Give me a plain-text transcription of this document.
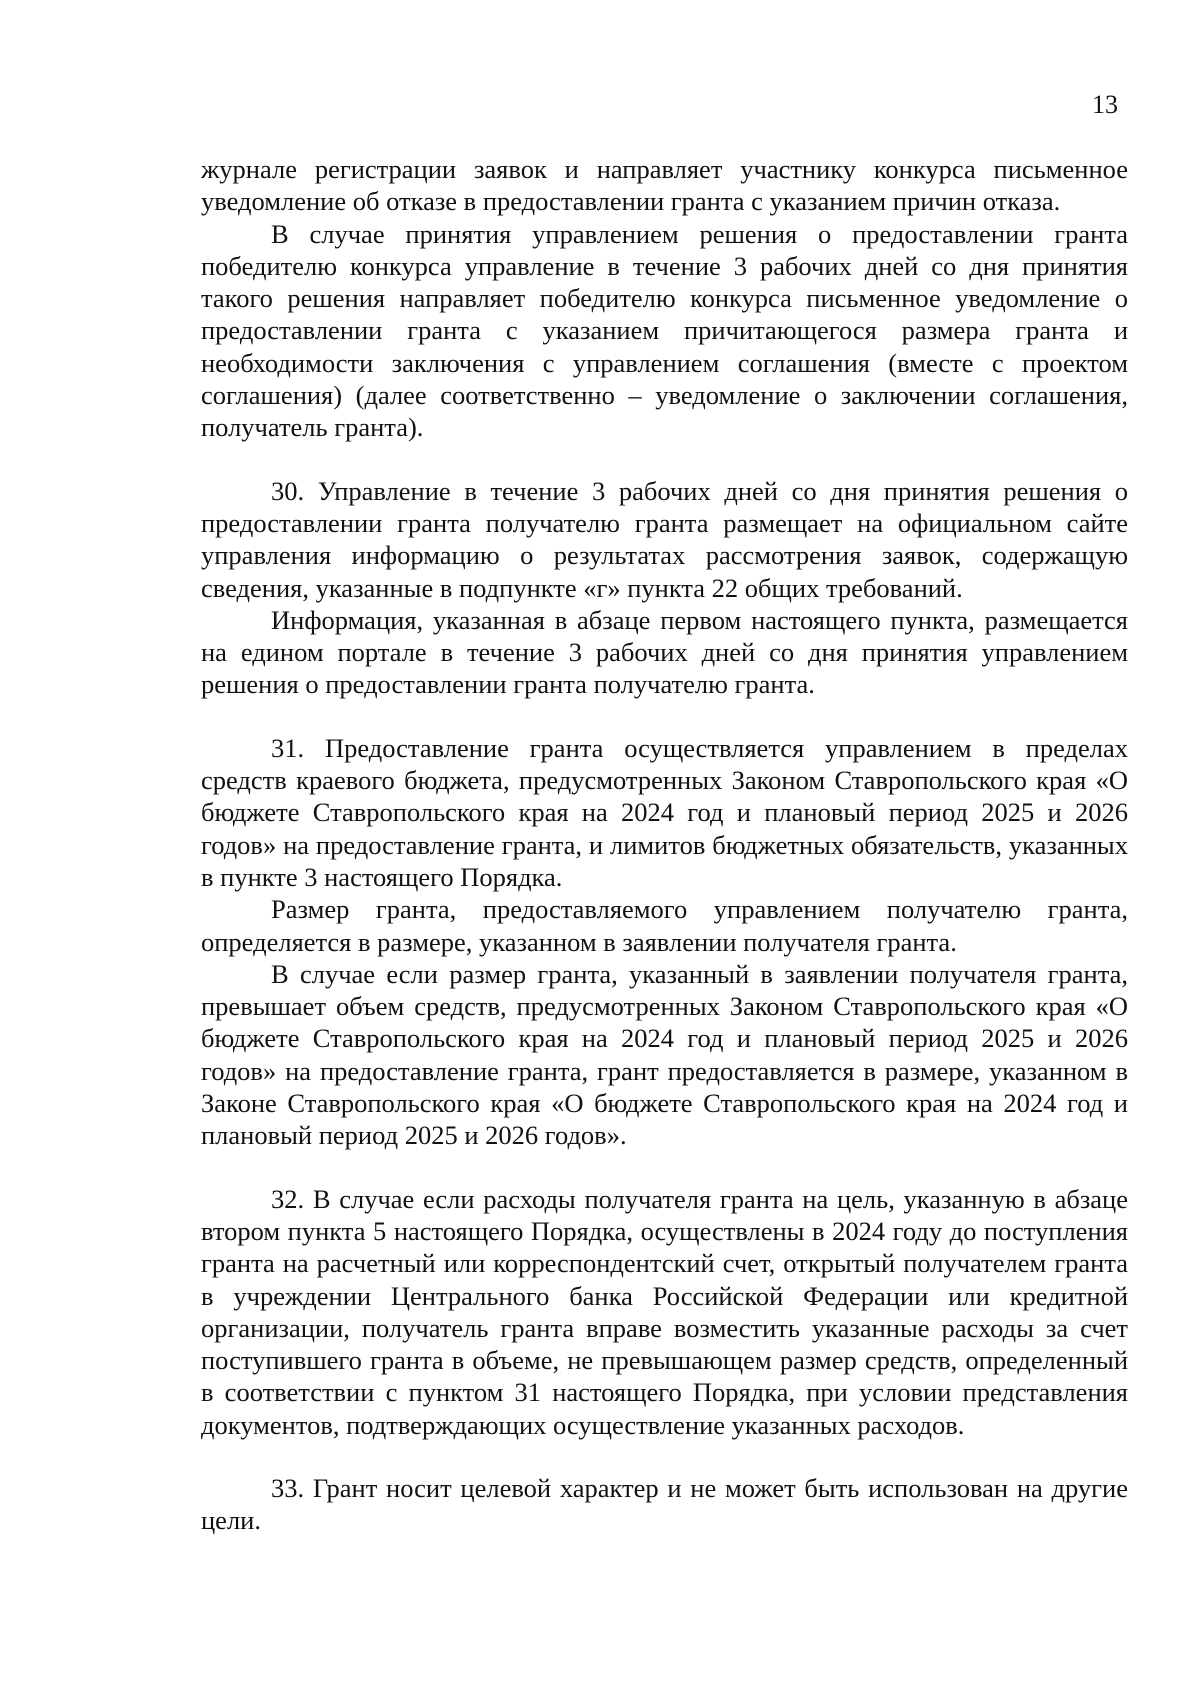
13

журнале регистрации заявок и направляет участнику конкурса письменное уведомление об отказе в предоставлении гранта с указанием причин отказа.

В случае принятия управлением решения о предоставлении гранта победителю конкурса управление в течение 3 рабочих дней со дня принятия такого решения направляет победителю конкурса письменное уведомление о предоставлении гранта с указанием причитающегося размера гранта и необходимости заключения с управлением соглашения (вместе с проектом соглашения) (далее соответственно – уведомление о заключении соглашения, получатель гранта).

30. Управление в течение 3 рабочих дней со дня принятия решения о предоставлении гранта получателю гранта размещает на официальном сайте управления информацию о результатах рассмотрения заявок, содержащую сведения, указанные в подпункте «г» пункта 22 общих требований.

Информация, указанная в абзаце первом настоящего пункта, размещается на едином портале в течение 3 рабочих дней со дня принятия управлением решения о предоставлении гранта получателю гранта.

31. Предоставление гранта осуществляется управлением в пределах средств краевого бюджета, предусмотренных Законом Ставропольского края «О бюджете Ставропольского края на 2024 год и плановый период 2025 и 2026 годов» на предоставление гранта, и лимитов бюджетных обязательств, указанных в пункте 3 настоящего Порядка.

Размер гранта, предоставляемого управлением получателю гранта, определяется в размере, указанном в заявлении получателя гранта.

В случае если размер гранта, указанный в заявлении получателя гранта, превышает объем средств, предусмотренных Законом Ставропольского края «О бюджете Ставропольского края на 2024 год и плановый период 2025 и 2026 годов» на предоставление гранта, грант предоставляется в размере, указанном в Законе Ставропольского края «О бюджете Ставропольского края на 2024 год и плановый период 2025 и 2026 годов».

32. В случае если расходы получателя гранта на цель, указанную в абзаце втором пункта 5 настоящего Порядка, осуществлены в 2024 году до поступления гранта на расчетный или корреспондентский счет, открытый получателем гранта в учреждении Центрального банка Российской Федерации или кредитной организации, получатель гранта вправе возместить указанные расходы за счет поступившего гранта в объеме, не превышающем размер средств, определенный в соответствии с пунктом 31 настоящего Порядка, при условии представления документов, подтверждающих осуществление указанных расходов.

33. Грант носит целевой характер и не может быть использован на другие цели.
